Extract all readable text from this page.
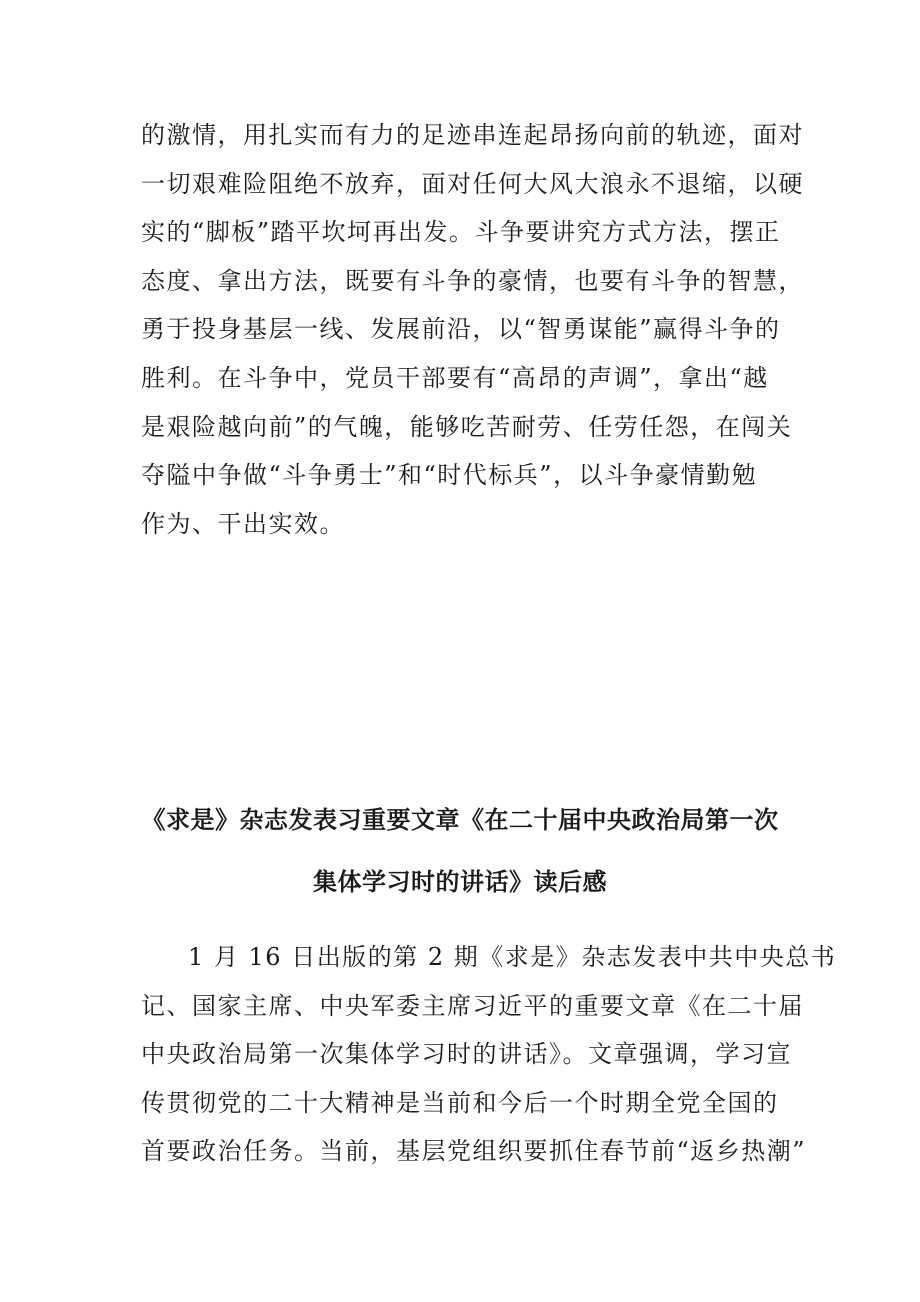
的激情，用扎实而有力的足迹串连起昂扬向前的轨迹，面对
一切艰难险阻绝不放弃，面对任何大风大浪永不退缩，以硬
实的“脚板”踏平坎坷再出发。斗争要讲究方式方法，摆正
态度、拿出方法，既要有斗争的豪情，也要有斗争的智慧，
勇于投身基层一线、发展前沿，以“智勇谋能”赢得斗争的
胜利。在斗争中，党员干部要有“高昂的声调”，拿出“越
是艰险越向前”的气魄，能够吃苦耐劳、任劳任怨，在闯关
夺隘中争做“斗争勇士”和“时代标兵”，以斗争豪情勤勉
作为、干出实效。
《求是》杂志发表习重要文章《在二十届中央政治局第一次
集体学习时的讲话》读后感
1 月 16 日出版的第 2 期《求是》杂志发表中共中央总书
记、国家主席、中央军委主席习近平的重要文章《在二十届
中央政治局第一次集体学习时的讲话》。文章强调，学习宣
传贯彻党的二十大精神是当前和今后一个时期全党全国的
首要政治任务。当前，基层党组织要抓住春节前“返乡热潮”
